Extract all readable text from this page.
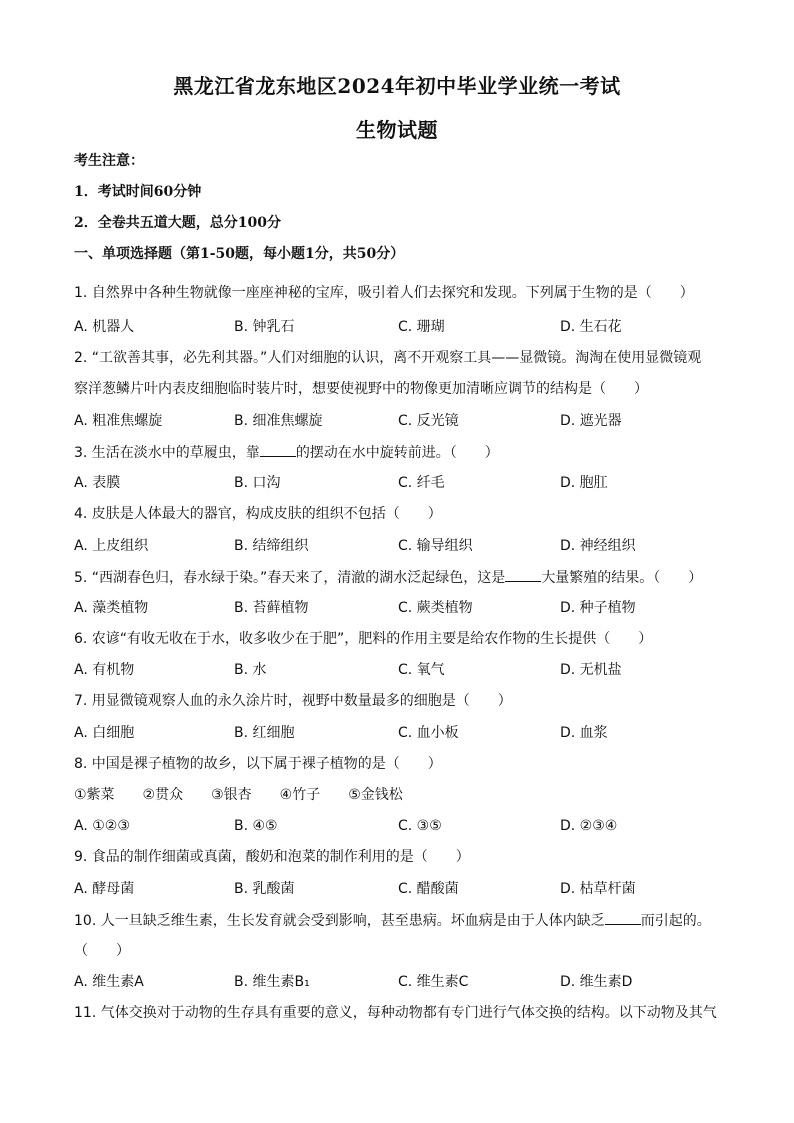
黑龙江省龙东地区2024年初中毕业学业统一考试
生物试题
考生注意：
1．考试时间60分钟
2．全卷共五道大题，总分100分
一、单项选择题（第1-50题，每小题1分，共50分）
1. 自然界中各种生物就像一座座神秘的宝库，吸引着人们去探究和发现。下列属于生物的是（　　）
A. 机器人	B. 钟乳石	C. 珊瑚	D. 生石花
2. “工欲善其事，必先利其器。”人们对细胞的认识，离不开观察工具——显微镜。淘淘在使用显微镜观
察洋葱鳞片叶内表皮细胞临时装片时，想要使视野中的物像更加清晰应调节的结构是（　　）
A. 粗准焦螺旋	B. 细准焦螺旋	C. 反光镜	D. 遮光器
3. 生活在淡水中的草履虫，靠	的摆动在水中旋转前进。（　　）
A. 表膜	B. 口沟	C. 纤毛	D. 胞肛
4. 皮肤是人体最大的器官，构成皮肤的组织不包括（　　）
A. 上皮组织	B. 结缔组织	C. 输导组织	D. 神经组织
5. “西湖春色归，春水绿于染。”春天来了，清澈的湖水泛起绿色，这是	大量繁殖的结果。（　　）
A. 藻类植物	B. 苔藓植物	C. 蕨类植物	D. 种子植物
6. 农谚“有收无收在于水，收多收少在于肥”，肥料的作用主要是给农作物的生长提供（　　）
A. 有机物	B. 水	C. 氧气	D. 无机盐
7. 用显微镜观察人血的永久涂片时，视野中数量最多的细胞是（　　）
A. 白细胞	B. 红细胞	C. 血小板	D. 血浆
8. 中国是裸子植物的故乡，以下属于裸子植物的是（　　）
①紫菜　　②贯众　　③银杏　　④竹子　　⑤金钱松
A. ①②③	B. ④⑤	C. ③⑤	D. ②③④
9. 食品的制作细菌或真菌，酸奶和泡菜的制作利用的是（　　）
A. 酵母菌	B. 乳酸菌	C. 醋酸菌	D. 枯草杆菌
10. 人一旦缺乏维生素，生长发育就会受到影响，甚至患病。坏血病是由于人体内缺乏	而引起的。
（　　）
A. 维生素A	B. 维生素B₁	C. 维生素C	D. 维生素D
11. 气体交换对于动物的生存具有重要的意义，每种动物都有专门进行气体交换的结构。以下动物及其气
